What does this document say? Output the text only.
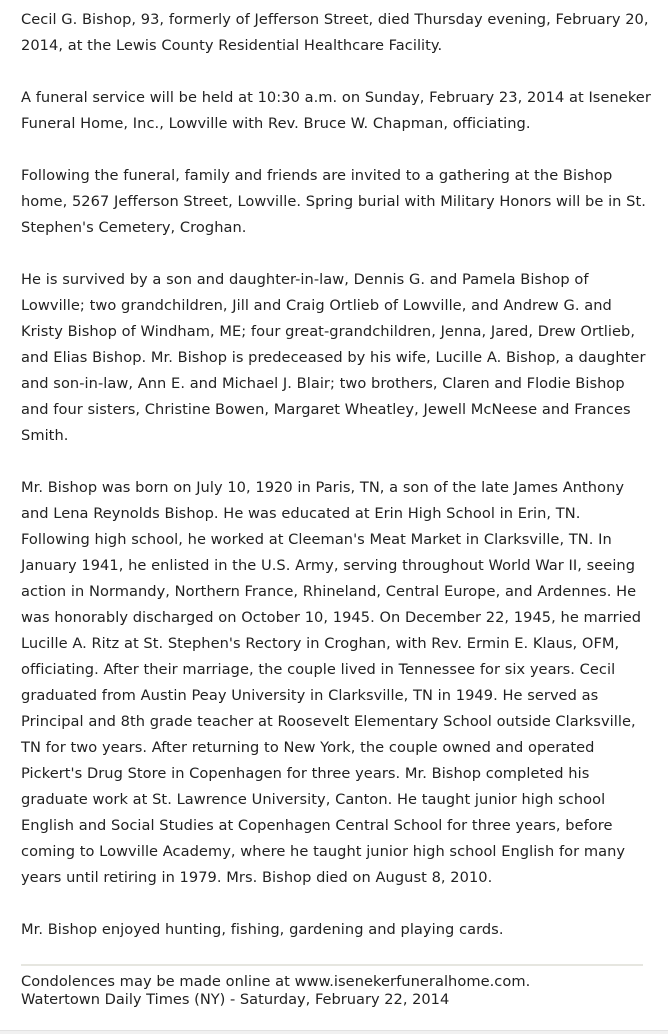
Cecil G. Bishop, 93, formerly of Jefferson Street, died Thursday evening, February 20, 2014, at the Lewis County Residential Healthcare Facility.

A funeral service will be held at 10:30 a.m. on Sunday, February 23, 2014 at Iseneker Funeral Home, Inc., Lowville with Rev. Bruce W. Chapman, officiating.

Following the funeral, family and friends are invited to a gathering at the Bishop home, 5267 Jefferson Street, Lowville. Spring burial with Military Honors will be in St. Stephen's Cemetery, Croghan.

He is survived by a son and daughter-in-law, Dennis G. and Pamela Bishop of Lowville; two grandchildren, Jill and Craig Ortlieb of Lowville, and Andrew G. and Kristy Bishop of Windham, ME; four great-grandchildren, Jenna, Jared, Drew Ortlieb, and Elias Bishop. Mr. Bishop is predeceased by his wife, Lucille A. Bishop, a daughter and son-in-law, Ann E. and Michael J. Blair; two brothers, Claren and Flodie Bishop and four sisters, Christine Bowen, Margaret Wheatley, Jewell McNeese and Frances Smith.

Mr. Bishop was born on July 10, 1920 in Paris, TN, a son of the late James Anthony and Lena Reynolds Bishop. He was educated at Erin High School in Erin, TN. Following high school, he worked at Cleeman's Meat Market in Clarksville, TN. In January 1941, he enlisted in the U.S. Army, serving throughout World War II, seeing action in Normandy, Northern France, Rhineland, Central Europe, and Ardennes. He was honorably discharged on October 10, 1945. On December 22, 1945, he married Lucille A. Ritz at St. Stephen's Rectory in Croghan, with Rev. Ermin E. Klaus, OFM, officiating. After their marriage, the couple lived in Tennessee for six years. Cecil graduated from Austin Peay University in Clarksville, TN in 1949. He served as Principal and 8th grade teacher at Roosevelt Elementary School outside Clarksville, TN for two years. After returning to New York, the couple owned and operated Pickert's Drug Store in Copenhagen for three years. Mr. Bishop completed his graduate work at St. Lawrence University, Canton. He taught junior high school English and Social Studies at Copenhagen Central School for three years, before coming to Lowville Academy, where he taught junior high school English for many years until retiring in 1979. Mrs. Bishop died on August 8, 2010.

Mr. Bishop enjoyed hunting, fishing, gardening and playing cards.

Condolences may be made online at www.isenekerfuneralhome.com.

Watertown Daily Times (NY) - Saturday, February 22, 2014
